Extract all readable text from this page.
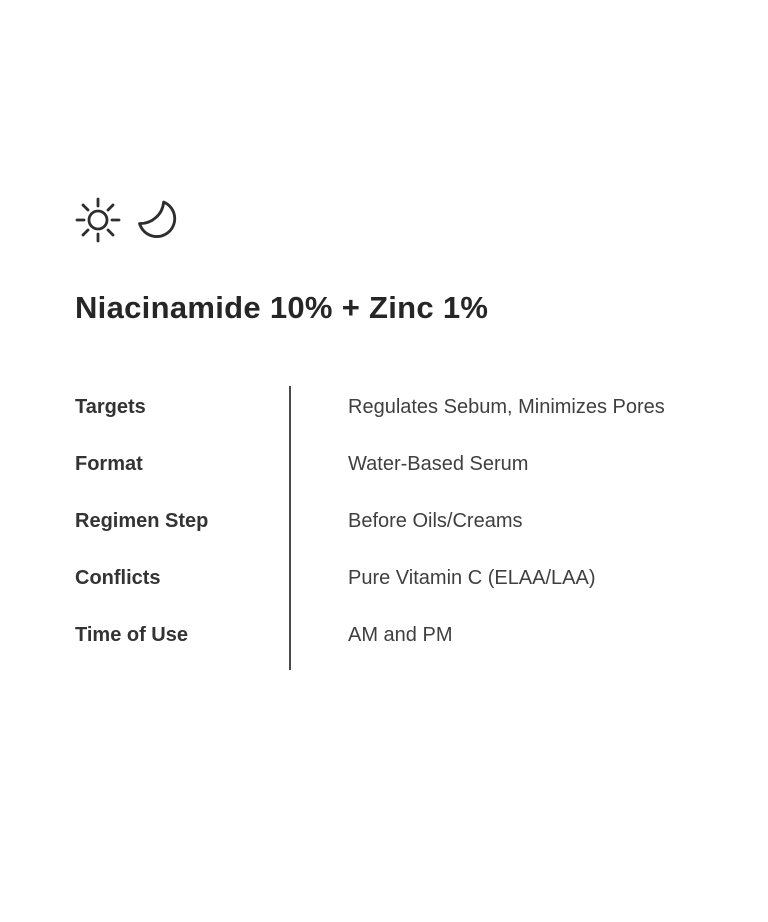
Niacinamide 10% + Zinc 1%
Targets	Regulates Sebum, Minimizes Pores
Format	Water-Based Serum
Regimen Step	Before Oils/Creams
Conflicts	Pure Vitamin C (ELAA/LAA)
Time of Use	AM and PM
